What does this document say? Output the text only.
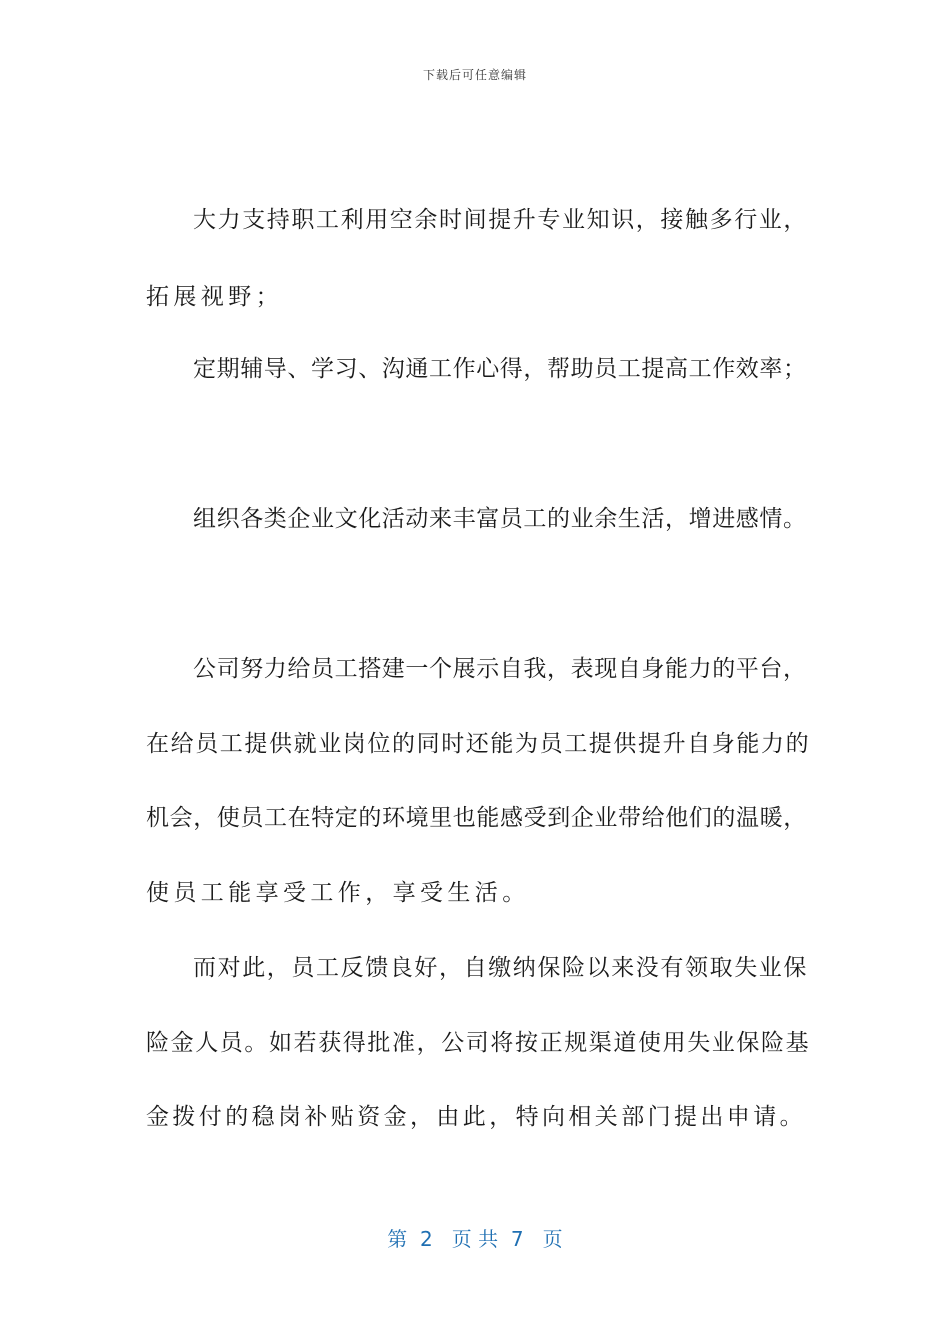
下载后可任意编辑
大力支持职工利用空余时间提升专业知识，接触多行业，
拓展视野；
定期辅导、学习、沟通工作心得，帮助员工提高工作效率；
组织各类企业文化活动来丰富员工的业余生活，增进感情。
公司努力给员工搭建一个展示自我，表现自身能力的平台，
在给员工提供就业岗位的同时还能为员工提供提升自身能力的
机会，使员工在特定的环境里也能感受到企业带给他们的温暖，
使员工能享受工作，享受生活。
而对此，员工反馈良好，自缴纳保险以来没有领取失业保
险金人员。如若获得批准，公司将按正规渠道使用失业保险基
金拨付的稳岗补贴资金，由此，特向相关部门提出申请。
第  2   页 共  7   页
